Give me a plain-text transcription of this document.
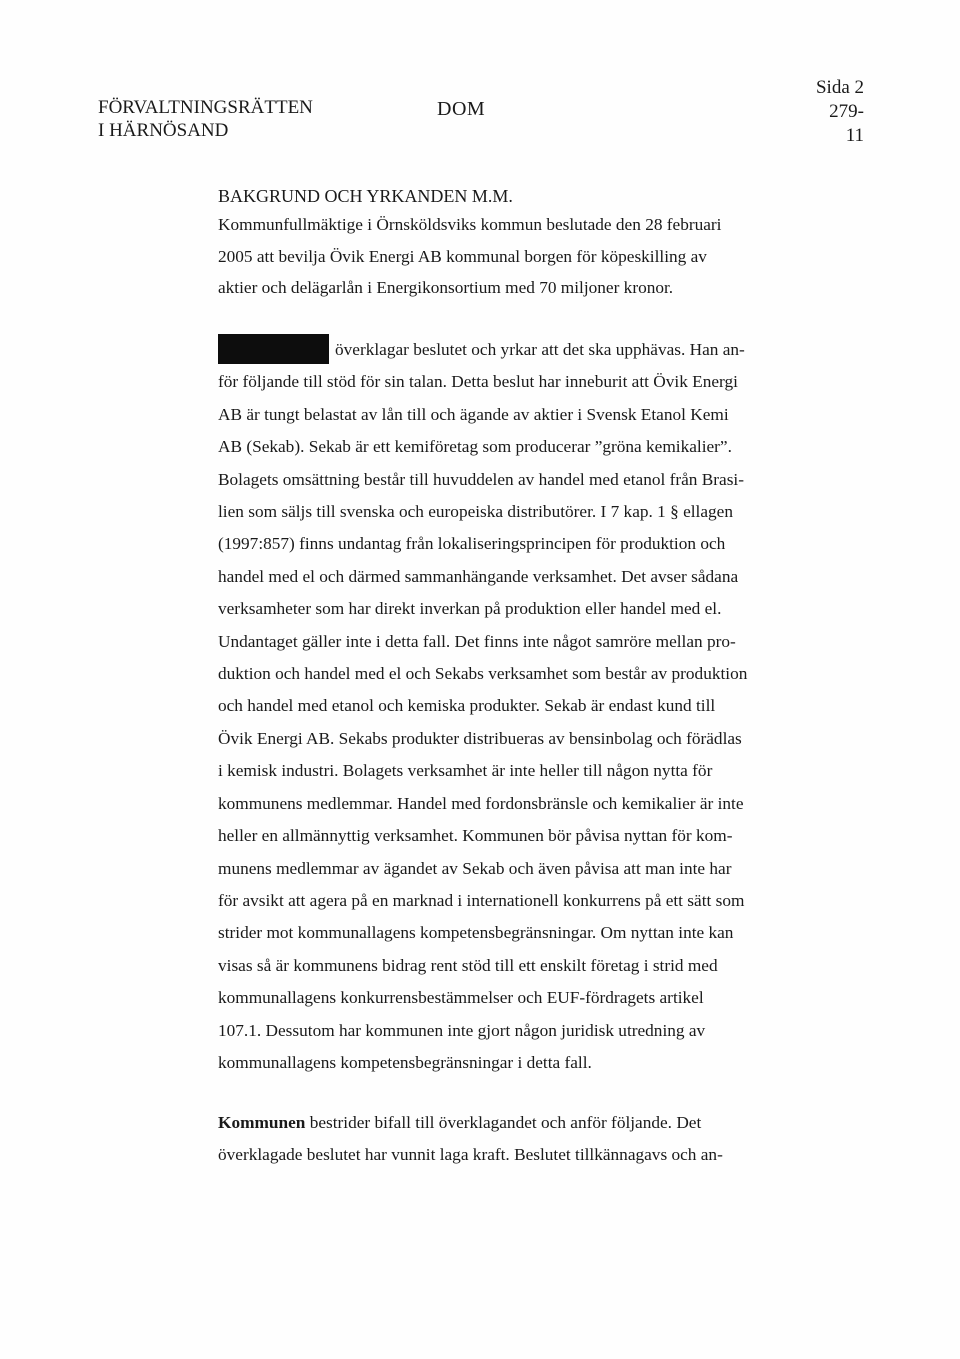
FÖRVALTNINGSRÄTTEN
I HÄRNÖSAND
DOM
Sida 2
279-11
BAKGRUND OCH YRKANDEN M.M.
Kommunfullmäktige i Örnsköldsviks kommun beslutade den 28 februari
2005 att bevilja Övik Energi AB kommunal borgen för köpeskilling av
aktier och delägarlån i Energikonsortium med 70 miljoner kronor.
överklagar beslutet och yrkar att det ska upphävas. Han an-
för följande till stöd för sin talan. Detta beslut har inneburit att Övik Energi
AB är tungt belastat av lån till och ägande av aktier i Svensk Etanol Kemi
AB (Sekab). Sekab är ett kemiföretag som producerar ”gröna kemikalier”.
Bolagets omsättning består till huvuddelen av handel med etanol från Brasi-
lien som säljs till svenska och europeiska distributörer. I 7 kap. 1 § ellagen
(1997:857) finns undantag från lokaliseringsprincipen för produktion och
handel med el och därmed sammanhängande verksamhet. Det avser sådana
verksamheter som har direkt inverkan på produktion eller handel med el.
Undantaget gäller inte i detta fall. Det finns inte något samröre mellan pro-
duktion och handel med el och Sekabs verksamhet som består av produktion
och handel med etanol och kemiska produkter. Sekab är endast kund till
Övik Energi AB. Sekabs produkter distribueras av bensinbolag och förädlas
i kemisk industri. Bolagets verksamhet är inte heller till någon nytta för
kommunens medlemmar. Handel med fordonsbränsle och kemikalier är inte
heller en allmännyttig verksamhet. Kommunen bör påvisa nyttan för kom-
munens medlemmar av ägandet av Sekab och även påvisa att man inte har
för avsikt att agera på en marknad i internationell konkurrens på ett sätt som
strider mot kommunallagens kompetensbegränsningar. Om nyttan inte kan
visas så är kommunens bidrag rent stöd till ett enskilt företag i strid med
kommunallagens konkurrensbestämmelser och EUF-fördragets artikel
107.1. Dessutom har kommunen inte gjort någon juridisk utredning av
kommunallagens kompetensbegränsningar i detta fall.
Kommunen bestrider bifall till överklagandet och anför följande. Det
överklagade beslutet har vunnit laga kraft. Beslutet tillkännagavs och an-
